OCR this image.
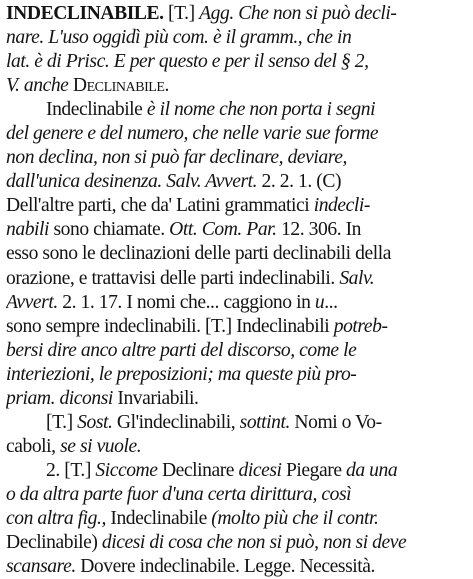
INDECLINABILE. [T.] Agg. Che non si può decli-
nare. L'uso oggidì più com. è il gramm., che in
lat. è di Prisc. E per questo e per il senso del § 2,
V. anche Declinabile.
Indeclinabile è il nome che non porta i segni
del genere e del numero, che nelle varie sue forme
non declina, non si può far declinare, deviare,
dall'unica desinenza. Salv. Avvert. 2. 2. 1. (C)
Dell'altre parti, che da' Latini grammatici indecli-
nabili sono chiamate. Ott. Com. Par. 12. 306. In
esso sono le declinazioni delle parti declinabili della
orazione, e trattavisi delle parti indeclinabili. Salv.
Avvert. 2. 1. 17. I nomi che... caggiono in u...
sono sempre indeclinabili. [T.] Indeclinabili potreb-
bersi dire anco altre parti del discorso, come le
interiezioni, le preposizioni; ma queste più pro-
priam. diconsi Invariabili.
[T.] Sost. Gl'indeclinabili, sottint. Nomi o Vo-
caboli, se si vuole.
2. [T.] Siccome Declinare dicesi Piegare da una
o da altra parte fuor d'una certa dirittura, così
con altra fig., Indeclinabile (molto più che il contr.
Declinabile) dicesi di cosa che non si può, non si deve
scansare. Dovere indeclinabile. Legge. Necessità.
